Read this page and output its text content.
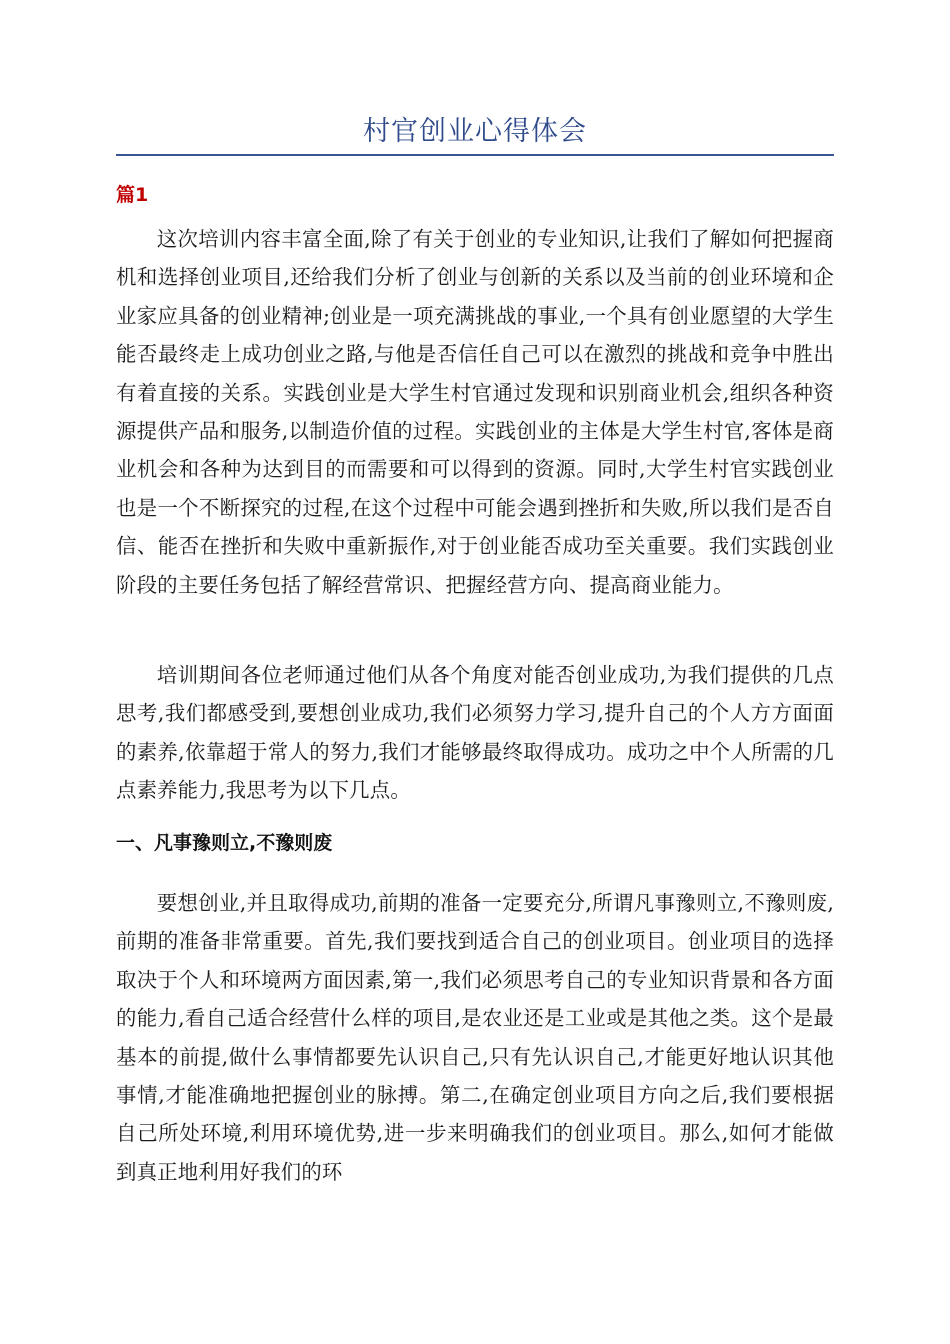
村官创业心得体会
篇1

这次培训内容丰富全面,除了有关于创业的专业知识,让我们了解如何把握商机和选择创业项目,还给我们分析了创业与创新的关系以及当前的创业环境和企业家应具备的创业精神;创业是一项充满挑战的事业,一个具有创业愿望的大学生能否最终走上成功创业之路,与他是否信任自己可以在激烈的挑战和竞争中胜出有着直接的关系。实践创业是大学生村官通过发现和识别商业机会,组织各种资源提供产品和服务,以制造价值的过程。实践创业的主体是大学生村官,客体是商业机会和各种为达到目的而需要和可以得到的资源。同时,大学生村官实践创业也是一个不断探究的过程,在这个过程中可能会遇到挫折和失败,所以我们是否自信、能否在挫折和失败中重新振作,对于创业能否成功至关重要。我们实践创业阶段的主要任务包括了解经营常识、把握经营方向、提高商业能力。

培训期间各位老师通过他们从各个角度对能否创业成功,为我们提供的几点思考,我们都感受到,要想创业成功,我们必须努力学习,提升自己的个人方方面面的素养,依靠超于常人的努力,我们才能够最终取得成功。成功之中个人所需的几点素养能力,我思考为以下几点。

一、凡事豫则立,不豫则废

要想创业,并且取得成功,前期的准备一定要充分,所谓凡事豫则立,不豫则废,前期的准备非常重要。首先,我们要找到适合自己的创业项目。创业项目的选择取决于个人和环境两方面因素,第一,我们必须思考自己的专业知识背景和各方面的能力,看自己适合经营什么样的项目,是农业还是工业或是其他之类。这个是最基本的前提,做什么事情都要先认识自己,只有先认识自己,才能更好地认识其他事情,才能准确地把握创业的脉搏。第二,在确定创业项目方向之后,我们要根据自己所处环境,利用环境优势,进一步来明确我们的创业项目。那么,如何才能做到真正地利用好我们的环
